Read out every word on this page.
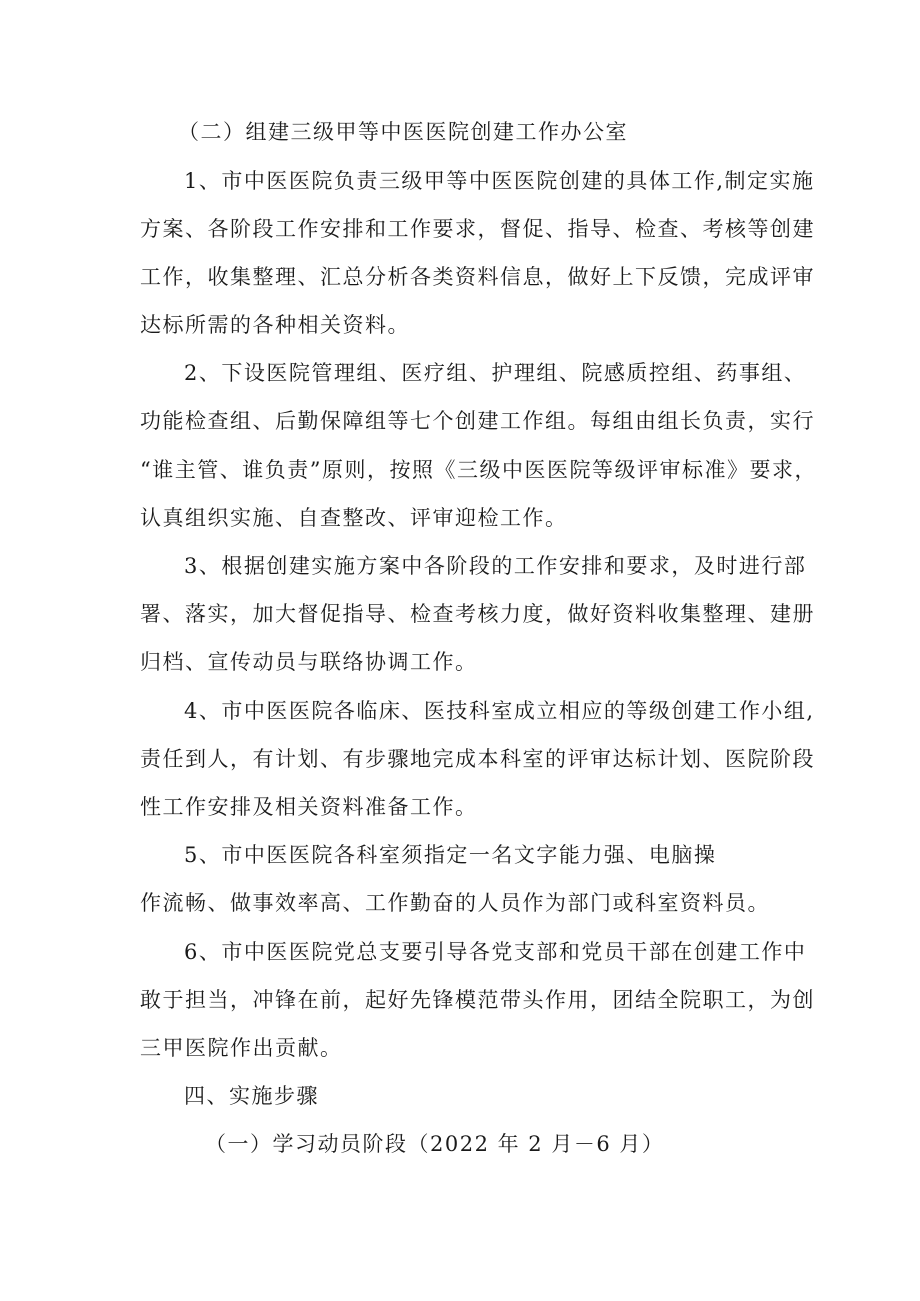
（二）组建三级甲等中医医院创建工作办公室

1、市中医医院负责三级甲等中医医院创建的具体工作,制定实施

方案、各阶段工作安排和工作要求，督促、指导、检查、考核等创建

工作，收集整理、汇总分析各类资料信息，做好上下反馈，完成评审

达标所需的各种相关资料。

2、下设医院管理组、医疗组、护理组、院感质控组、药事组、

功能检查组、后勤保障组等七个创建工作组。每组由组长负责，实行

“谁主管、谁负责”原则，按照《三级中医医院等级评审标准》要求，

认真组织实施、自查整改、评审迎检工作。

3、根据创建实施方案中各阶段的工作安排和要求，及时进行部

署、落实，加大督促指导、检查考核力度，做好资料收集整理、建册

归档、宣传动员与联络协调工作。

4、市中医医院各临床、医技科室成立相应的等级创建工作小组,

责任到人，有计划、有步骤地完成本科室的评审达标计划、医院阶段

性工作安排及相关资料准备工作。

5、市中医医院各科室须指定一名文字能力强、电脑操

作流畅、做事效率高、工作勤奋的人员作为部门或科室资料员。

6、市中医医院党总支要引导各党支部和党员干部在创建工作中

敢于担当，冲锋在前，起好先锋模范带头作用，团结全院职工，为创

三甲医院作出贡献。

四、实施步骤

（一）学习动员阶段（2022 年 2 月－6 月）
